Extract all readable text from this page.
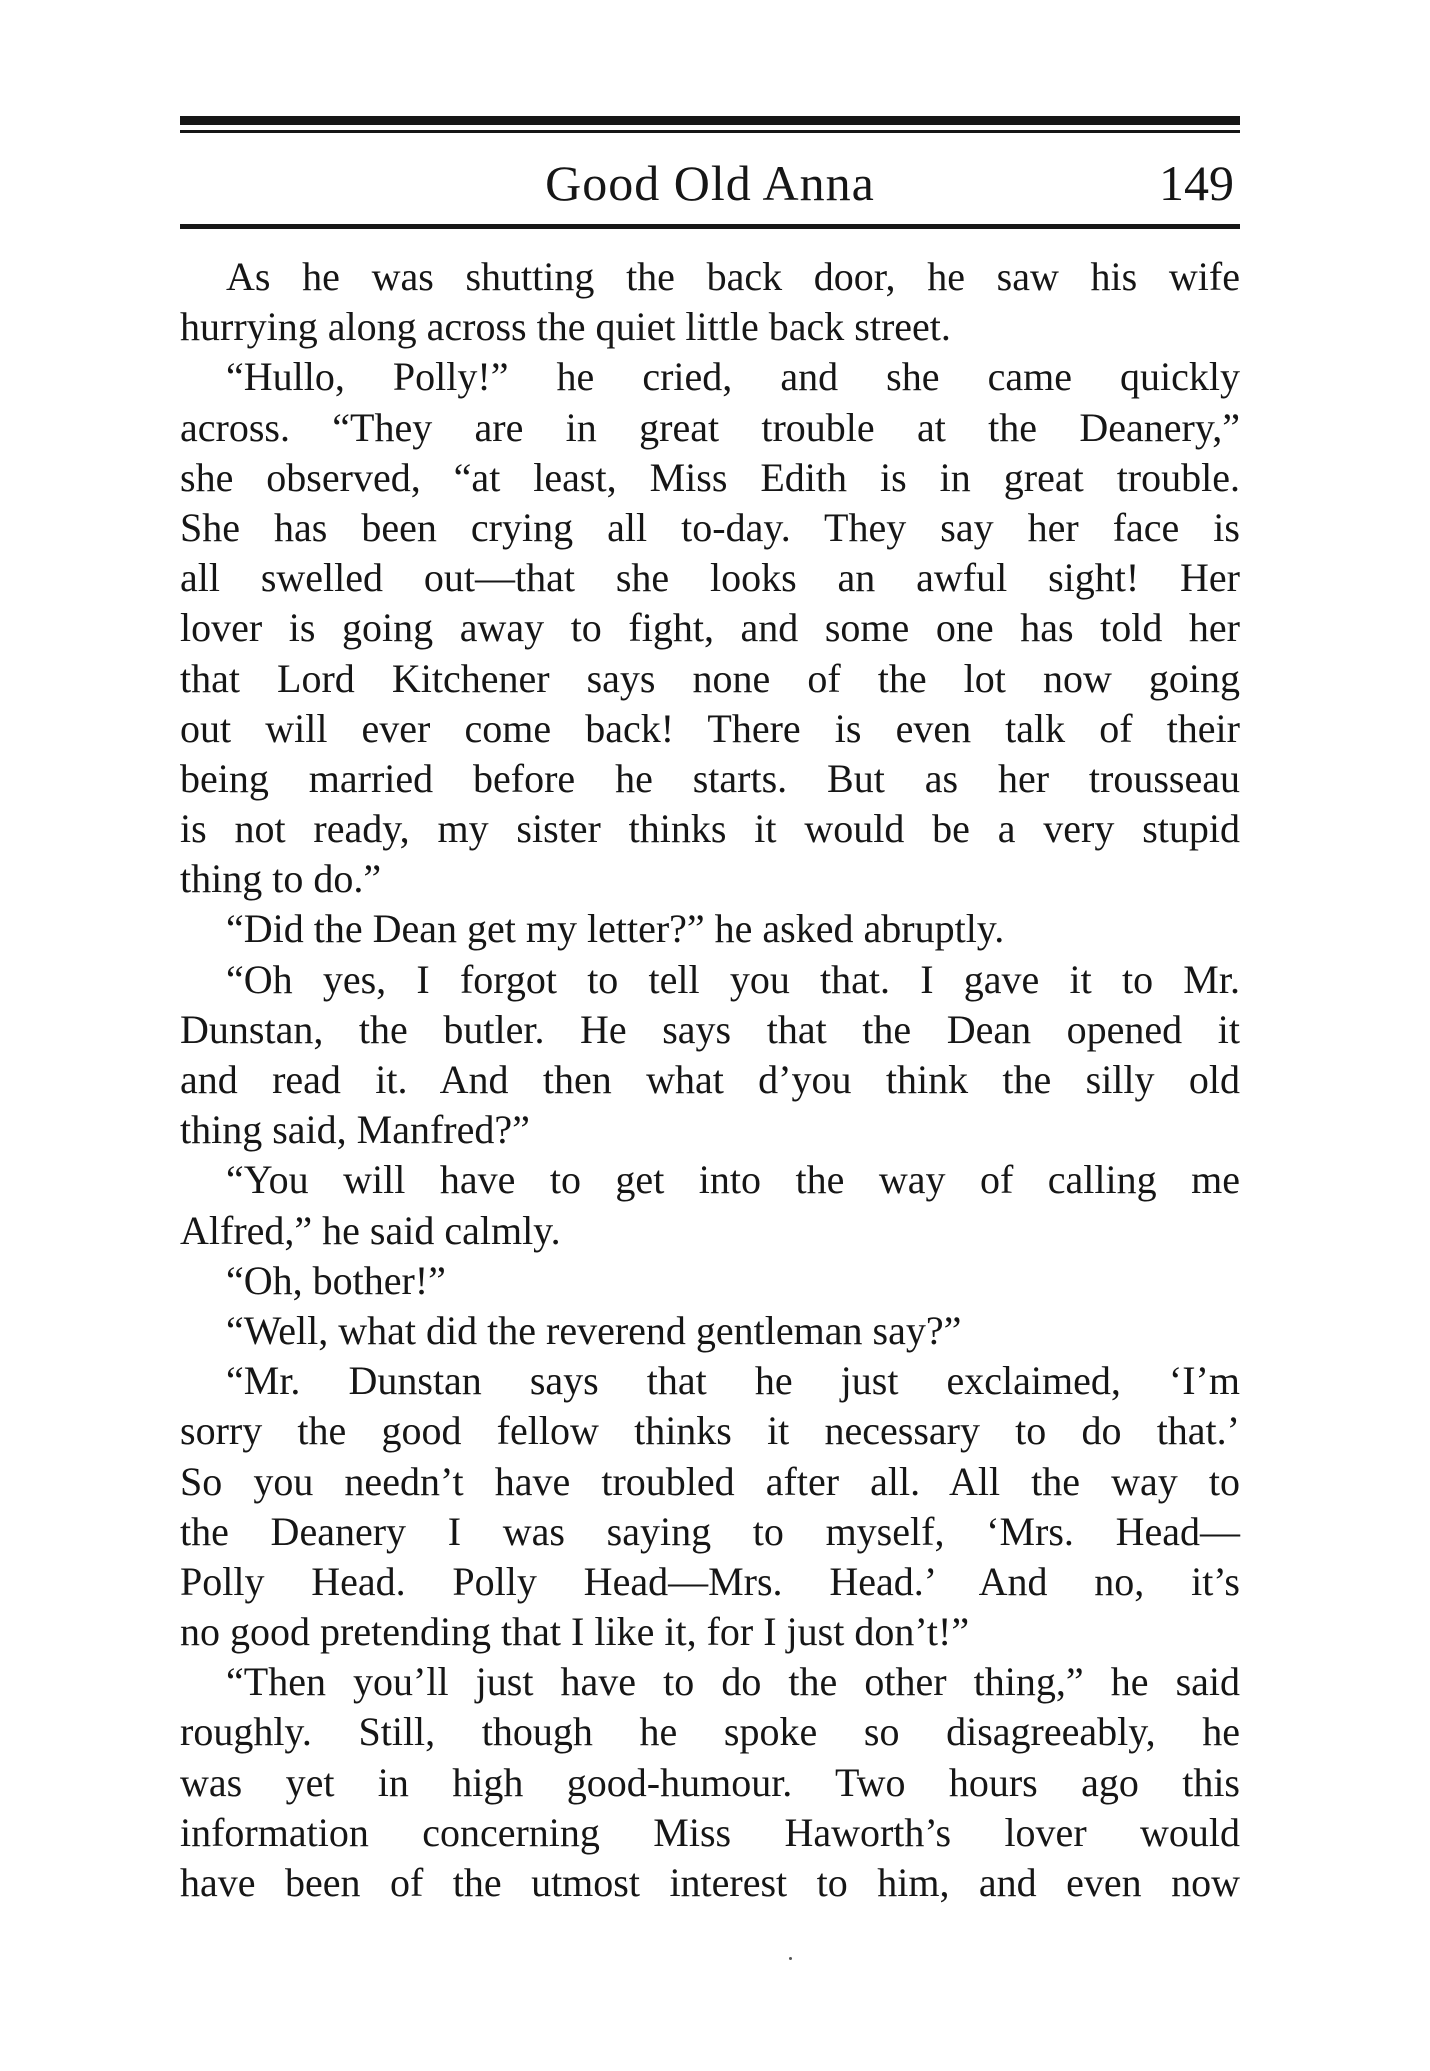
Good Old Anna	149
As he was shutting the back door, he saw his wife
hurrying along across the quiet little back street.
“Hullo, Polly!” he cried, and she came quickly
across. “They are in great trouble at the Deanery,”
she observed, “at least, Miss Edith is in great trouble.
She has been crying all to-day. They say her face is
all swelled out—that she looks an awful sight! Her
lover is going away to fight, and some one has told her
that Lord Kitchener says none of the lot now going
out will ever come back! There is even talk of their
being married before he starts. But as her trousseau
is not ready, my sister thinks it would be a very stupid
thing to do.”
“Did the Dean get my letter?” he asked abruptly.
“Oh yes, I forgot to tell you that. I gave it to Mr.
Dunstan, the butler. He says that the Dean opened it
and read it. And then what d’you think the silly old
thing said, Manfred?”
“You will have to get into the way of calling me
Alfred,” he said calmly.
“Oh, bother!”
“Well, what did the reverend gentleman say?”
“Mr. Dunstan says that he just exclaimed, ‘I’m
sorry the good fellow thinks it necessary to do that.’
So you needn’t have troubled after all. All the way to
the Deanery I was saying to myself, ‘Mrs. Head—
Polly Head. Polly Head—Mrs. Head.’ And no, it’s
no good pretending that I like it, for I just don’t!”
“Then you’ll just have to do the other thing,” he said
roughly. Still, though he spoke so disagreeably, he
was yet in high good-humour. Two hours ago this
information concerning Miss Haworth’s lover would
have been of the utmost interest to him, and even now
